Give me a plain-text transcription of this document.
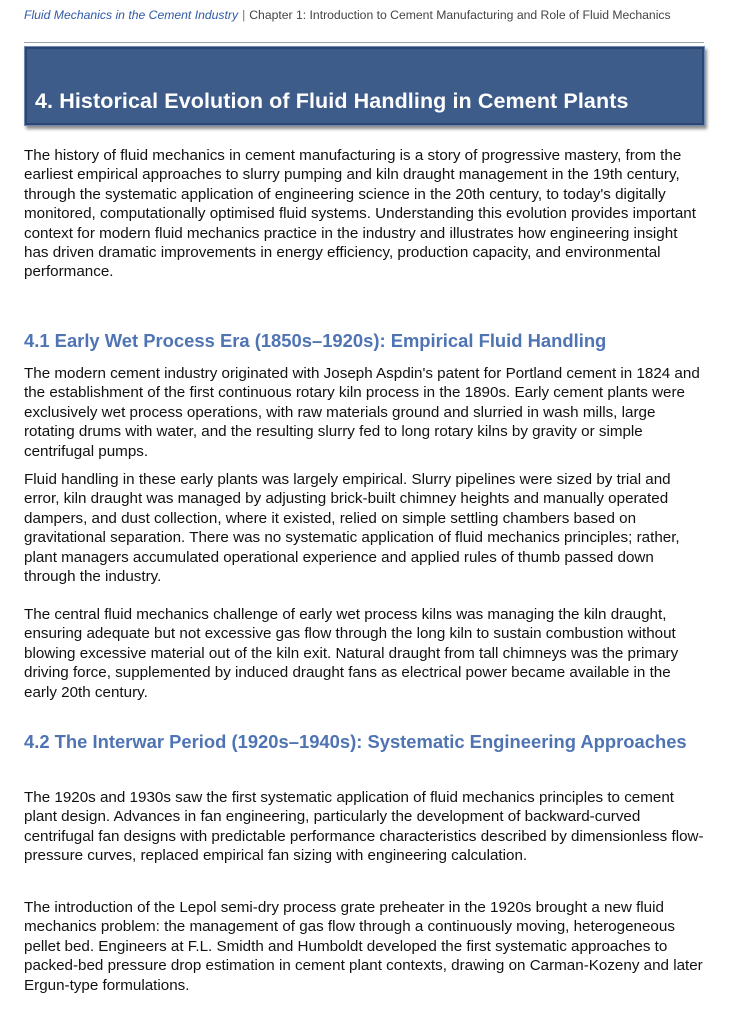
Fluid Mechanics in the Cement Industry | Chapter 1: Introduction to Cement Manufacturing and Role of Fluid Mechanics
4. Historical Evolution of Fluid Handling in Cement Plants

The history of fluid mechanics in cement manufacturing is a story of progressive mastery, from the earliest empirical approaches to slurry pumping and kiln draught management in the 19th century, through the systematic application of engineering science in the 20th century, to today's digitally monitored, computationally optimised fluid systems. Understanding this evolution provides important context for modern fluid mechanics practice in the industry and illustrates how engineering insight has driven dramatic improvements in energy efficiency, production capacity, and environmental performance.

4.1 Early Wet Process Era (1850s–1920s): Empirical Fluid Handling

The modern cement industry originated with Joseph Aspdin's patent for Portland cement in 1824 and the establishment of the first continuous rotary kiln process in the 1890s. Early cement plants were exclusively wet process operations, with raw materials ground and slurried in wash mills, large rotating drums with water, and the resulting slurry fed to long rotary kilns by gravity or simple centrifugal pumps.

Fluid handling in these early plants was largely empirical. Slurry pipelines were sized by trial and error, kiln draught was managed by adjusting brick-built chimney heights and manually operated dampers, and dust collection, where it existed, relied on simple settling chambers based on gravitational separation. There was no systematic application of fluid mechanics principles; rather, plant managers accumulated operational experience and applied rules of thumb passed down through the industry.

The central fluid mechanics challenge of early wet process kilns was managing the kiln draught, ensuring adequate but not excessive gas flow through the long kiln to sustain combustion without blowing excessive material out of the kiln exit. Natural draught from tall chimneys was the primary driving force, supplemented by induced draught fans as electrical power became available in the early 20th century.

4.2 The Interwar Period (1920s–1940s): Systematic Engineering Approaches

The 1920s and 1930s saw the first systematic application of fluid mechanics principles to cement plant design. Advances in fan engineering, particularly the development of backward-curved centrifugal fan designs with predictable performance characteristics described by dimensionless flow-pressure curves, replaced empirical fan sizing with engineering calculation.

The introduction of the Lepol semi-dry process grate preheater in the 1920s brought a new fluid mechanics problem: the management of gas flow through a continuously moving, heterogeneous pellet bed. Engineers at F.L. Smidth and Humboldt developed the first systematic approaches to packed-bed pressure drop estimation in cement plant contexts, drawing on Carman-Kozeny and later Ergun-type formulations.
